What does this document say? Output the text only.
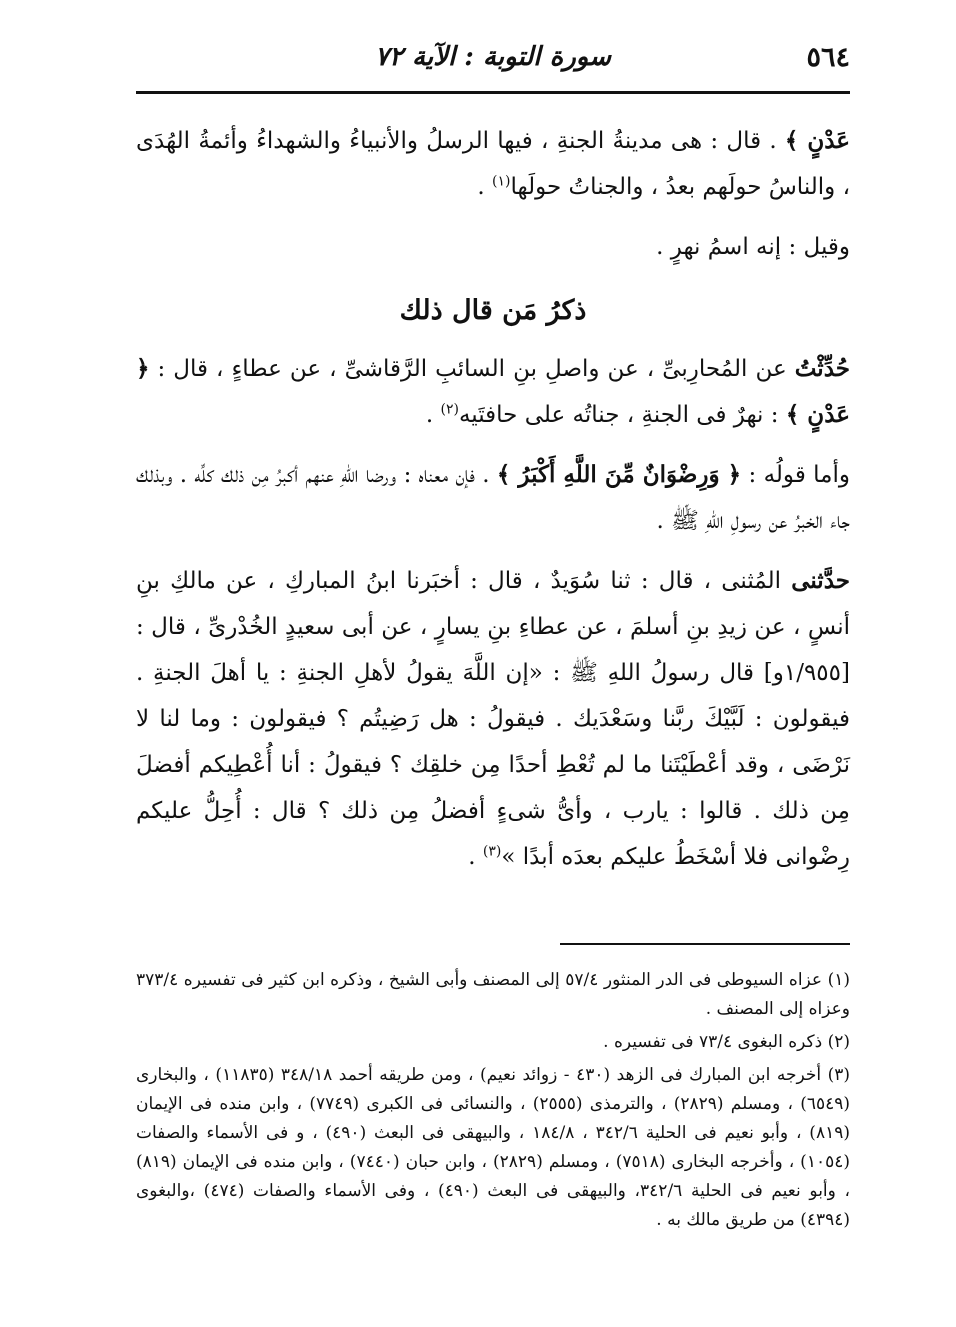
٥٦٤
سورة التوبة : الآية ٧٢

عَدْنٍ ﴾ . قال : هى مدينةُ الجنةِ ، فيها الرسلُ والأنبياءُ والشهداءُ وأئمةُ الهُدَى ، والناسُ حولَهم بعدُ ، والجناتُ حولَها$^{(١)}$ .

وقيل : إنه اسمُ نهرٍ .

ذكرُ مَن قال ذلك

حُدِّثْتُ عن المُحارِبىِّ ، عن واصلِ بنِ السائبِ الرَّقاشىِّ ، عن عطاءٍ ، قال : ﴿ عَدْنٍ ﴾ : نهرٌ فى الجنةِ ، جناتُه على حافتَيه$^{(٢)}$ .

وأما قولُه : ﴿ وَرِضْوَانٌ مِّنَ اللَّهِ أَكْبَرُ ﴾ . فإن معناه : ورضا اللهِ عنهم أكبرُ مِن ذلك كلِّه . وبذلك جاء الخبرُ عن رسولِ اللهِ ﷺ .

حدَّثنى المُثنى ، قال : ثنا سُوَيدٌ ، قال : أخبَرنا ابنُ المباركِ ، عن مالكِ بنِ أنسٍ ، عن زيدِ بنِ أسلمَ ، عن عطاءِ بنِ يسارٍ ، عن أبى سعيدٍ الخُدْرىِّ ، قال : [١/٩٥٥و] قال رسولُ اللهِ ﷺ : «إن اللَّهَ يقولُ لأهلِ الجنةِ : يا أهلَ الجنةِ . فيقولون : لَبَّيْكَ ربَّنا وسَعْدَيك . فيقولُ : هل رَضِيتُم ؟ فيقولون : وما لنا لا نَرْضَى ، وقد أعْطَيْتَنا ما لم تُعْطِ أحدًا مِن خلقِك ؟ فيقولُ : أنا أُعْطِيكم أفضلَ مِن ذلك . قالوا : يارب ، وأىُّ شىءٍ أفضلُ مِن ذلك ؟ قال : أُحِلُّ عليكم رِضْوانى فلا أسْخَطُ عليكم بعدَه أبدًا »$^{(٣)}$ .

(١) عزاه السيوطى فى الدر المنثور ٥٧/٤ إلى المصنف وأبى الشيخ ، وذكره ابن كثير فى تفسيره ٣٧٣/٤ وعزاه إلى المصنف .

(٢) ذكره البغوى ٧٣/٤ فى تفسيره .

(٣) أخرجه ابن المبارك فى الزهد (٤٣٠ - زوائد نعيم) ، ومن طريقه أحمد ٣٤٨/١٨ (١١٨٣٥) ، والبخارى (٦٥٤٩) ، ومسلم (٢٨٢٩) ، والترمذى (٢٥٥٥) ، والنسائى فى الكبرى (٧٧٤٩) ، وابن منده فى الإيمان (٨١٩) ، وأبو نعيم فى الحلية ٣٤٢/٦ ، ١٨٤/٨ ، والبيهقى فى البعث (٤٩٠) ، و فى الأسماء والصفات (١٠٥٤) ، وأخرجه البخارى (٧٥١٨) ، ومسلم (٢٨٢٩) ، وابن حبان (٧٤٤٠) ، وابن منده فى الإيمان (٨١٩) ، وأبو نعيم فى الحلية ٣٤٢/٦، والبيهقى فى البعث (٤٩٠) ، وفى الأسماء والصفات (٤٧٤) ،والبغوى (٤٣٩٤) من طريق مالك به .
